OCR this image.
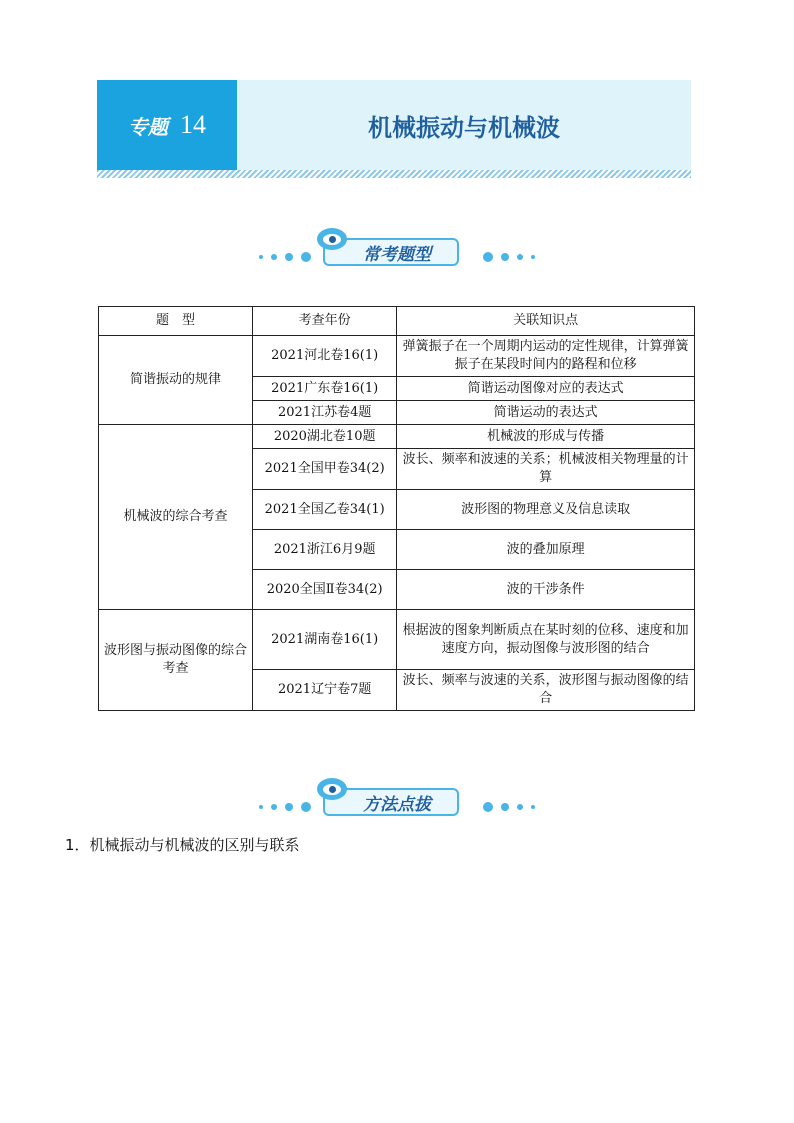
专题 14	机械振动与机械波
常考题型
题　型	考查年份	关联知识点
简谐振动的规律	2021河北卷16(1)	弹簧振子在一个周期内运动的定性规律，计算弹簧振子在某段时间内的路程和位移
	2021广东卷16(1)	简谐运动图像对应的表达式
	2021江苏卷4题	简谐运动的表达式
机械波的综合考查	2020湖北卷10题	机械波的形成与传播
	2021全国甲卷34(2)	波长、频率和波速的关系；机械波相关物理量的计算
	2021全国乙卷34(1)	波形图的物理意义及信息读取
	2021浙江6月9题	波的叠加原理
	2020全国Ⅱ卷34(2)	波的干涉条件
波形图与振动图像的综合考查	2021湖南卷16(1)	根据波的图象判断质点在某时刻的位移、速度和加速度方向，振动图像与波形图的结合
	2021辽宁卷7题	波长、频率与波速的关系，波形图与振动图像的结合
方法点拔
1．机械振动与机械波的区别与联系
